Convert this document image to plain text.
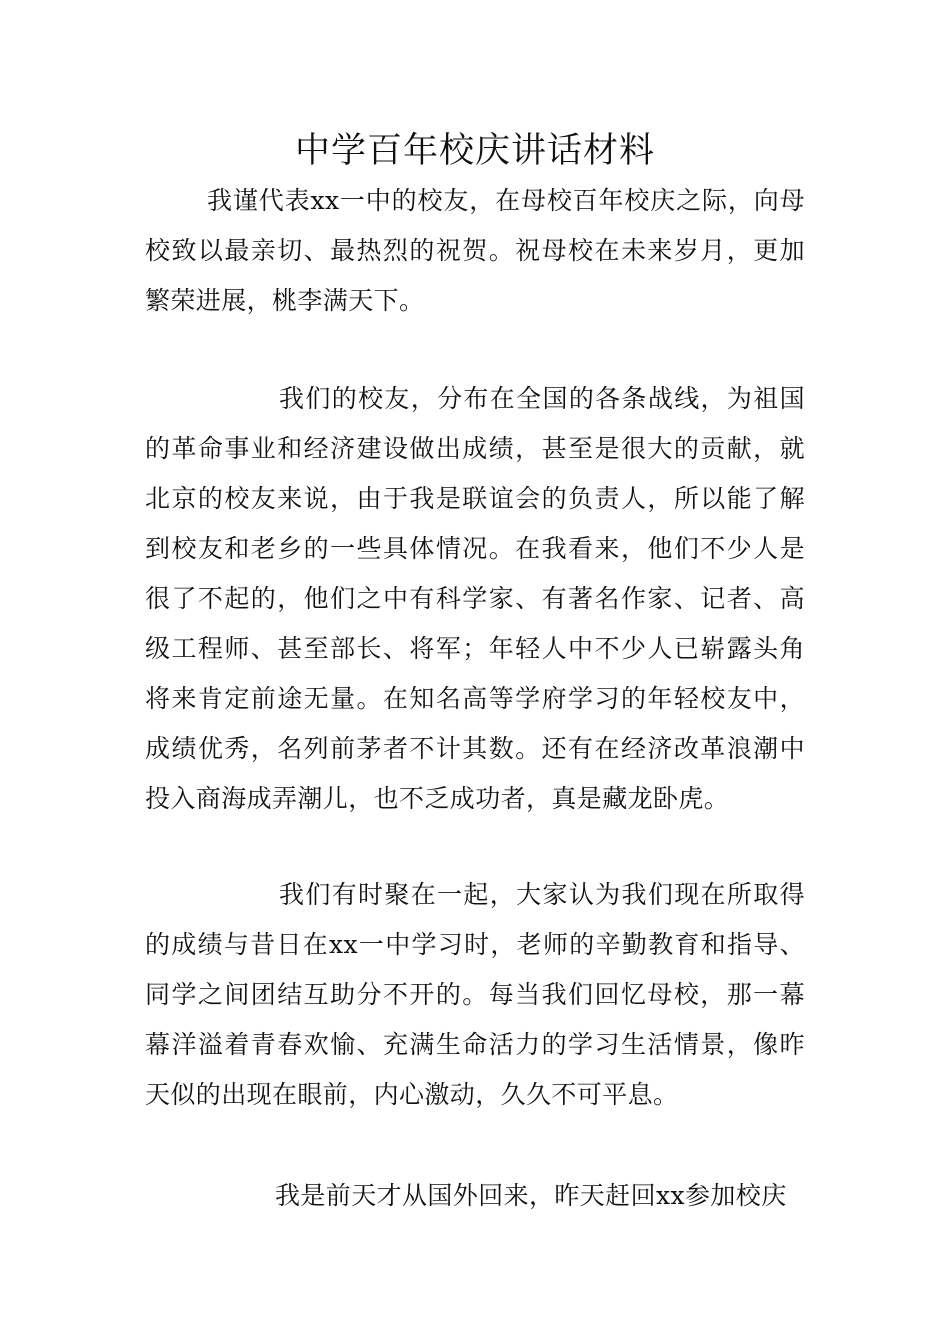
中学百年校庆讲话材料

我谨代表xx一中的校友，在母校百年校庆之际，向母校致以最亲切、最热烈的祝贺。祝母校在未来岁月，更加繁荣进展，桃李满天下。

我们的校友，分布在全国的各条战线，为祖国的革命事业和经济建设做出成绩，甚至是很大的贡献，就北京的校友来说，由于我是联谊会的负责人，所以能了解到校友和老乡的一些具体情况。在我看来，他们不少人是很了不起的，他们之中有科学家、有著名作家、记者、高级工程师、甚至部长、将军；年轻人中不少人已崭露头角将来肯定前途无量。在知名高等学府学习的年轻校友中，成绩优秀，名列前茅者不计其数。还有在经济改革浪潮中投入商海成弄潮儿，也不乏成功者，真是藏龙卧虎。

我们有时聚在一起，大家认为我们现在所取得的成绩与昔日在xx一中学习时，老师的辛勤教育和指导、同学之间团结互助分不开的。每当我们回忆母校，那一幕幕洋溢着青春欢愉、充满生命活力的学习生活情景，像昨天似的出现在眼前，内心激动，久久不可平息。

我是前天才从国外回来，昨天赶回xx参加校庆
